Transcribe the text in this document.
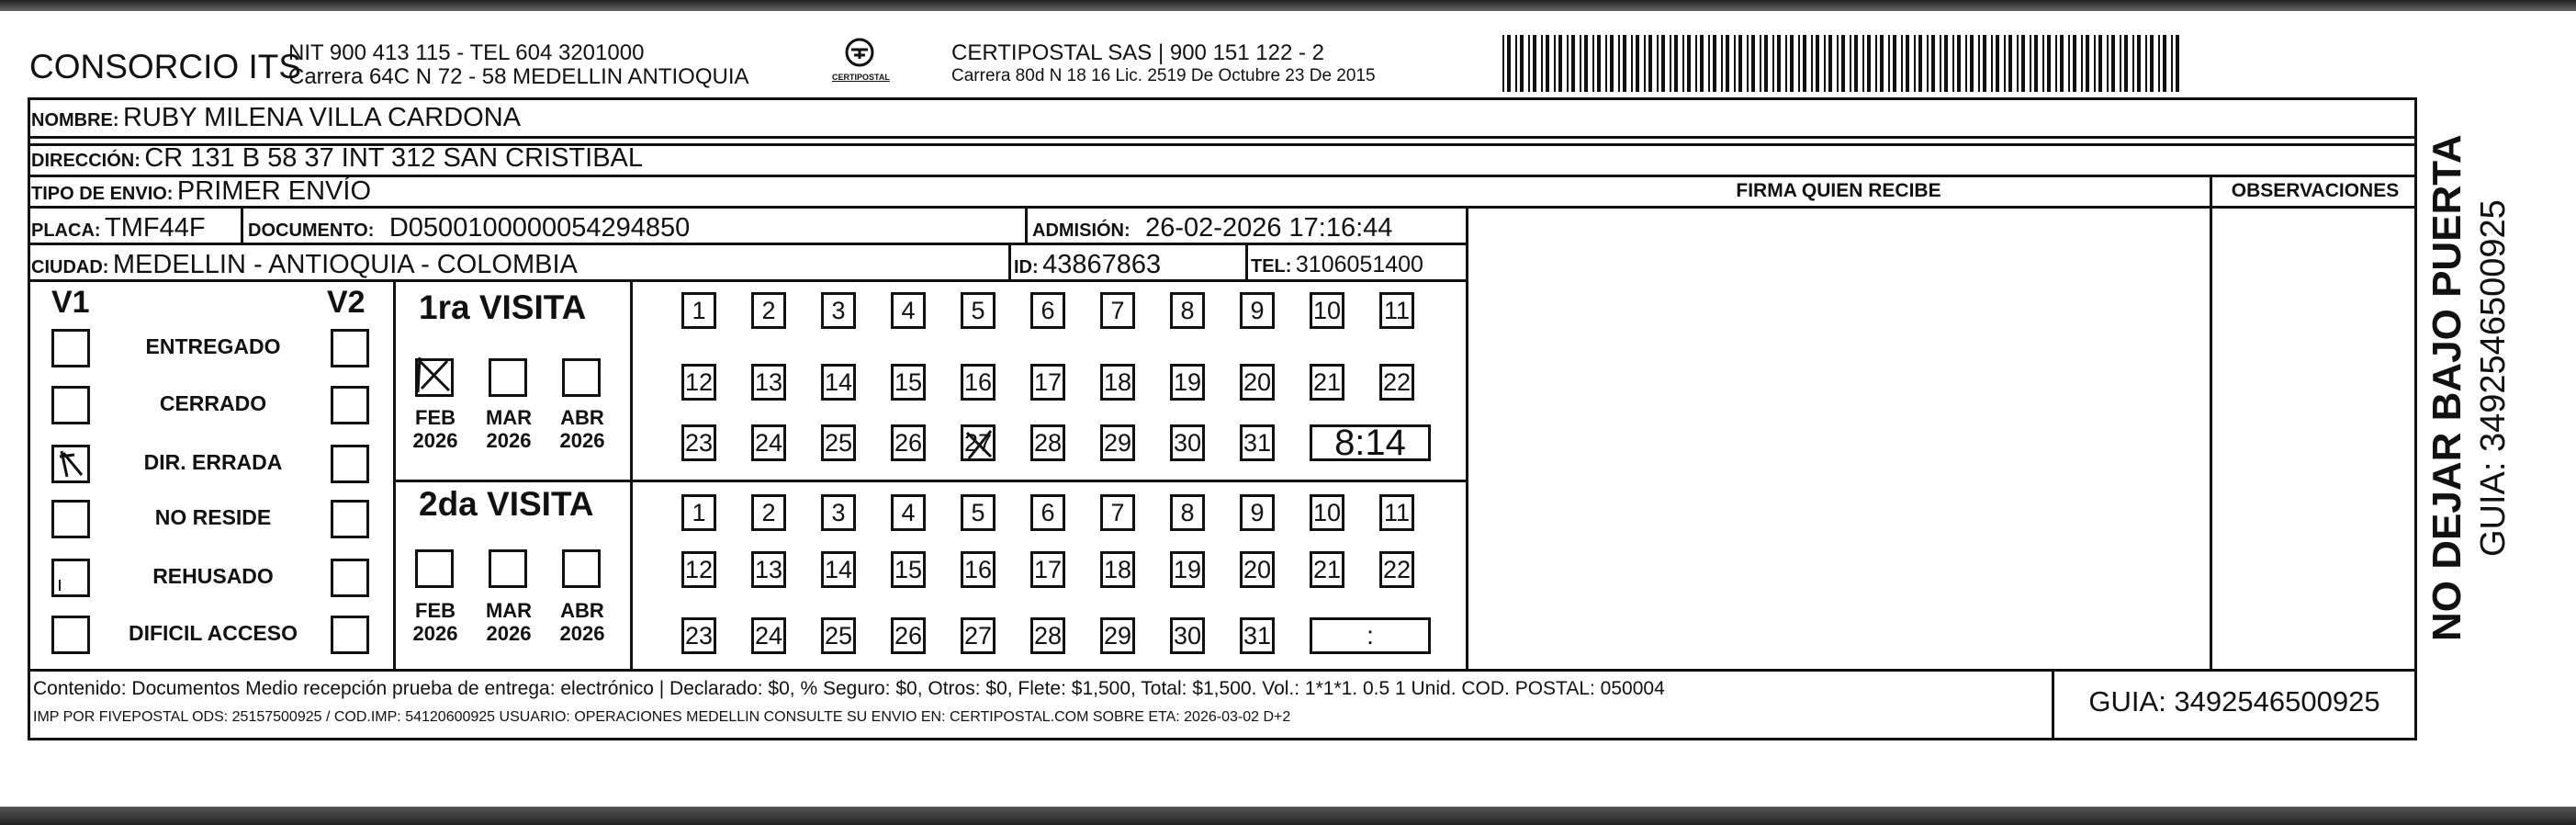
CONSORCIO ITS
NIT 900 413 115 - TEL 604 3201000
Carrera 64C N 72 - 58 MEDELLIN ANTIOQUIA	CERTIPOSTAL
CERTIPOSTAL SAS | 900 151 122 - 2
Carrera 80d N 18 16 Lic. 2519 De Octubre 23 De 2015
NOMBRE: RUBY MILENA VILLA CARDONA
DIRECCIÓN: CR 131 B 58 37 INT 312 SAN CRISTIBAL
TIPO DE ENVIO: PRIMER ENVÍO	FIRMA QUIEN RECIBE	OBSERVACIONES
PLACA: TMF44F DOCUMENTO: D0500100000054294850	ADMISIÓN: 26-02-2026 17:16:44
CIUDAD: MEDELLIN - ANTIOQUIA - COLOMBIA	ID: 43867863	TEL: 3106051400
V1	V2
ENTREGADO
CERRADO
DIR. ERRADA
NO RESIDE
REHUSADO
DIFICIL ACCESO
1ra VISITA
FEB
2026
MAR
2026
ABR
2026
1	2	3	4	5	6	7	8	9	10 11
12 13 14 15 16 17 18 19 20 21 22
23 24 25 26 27 28 29 30 31	8:14
2da VISITA
FEB
2026
MAR
2026
ABR
2026
1	2	3	4	5	6	7	8	9	10 11
12 13 14 15 16 17 18 19 20 21 22
23 24 25 26 27 28 29 30 31	:
Contenido: Documentos Medio recepción prueba de entrega: electrónico | Declarado: $0, % Seguro: $0, Otros: $0, Flete: $1,500, Total: $1,500. Vol.: 1*1*1. 0.5 1 Unid. COD. POSTAL: 050004
IMP POR FIVEPOSTAL ODS: 25157500925 / COD.IMP: 54120600925 USUARIO: OPERACIONES MEDELLIN CONSULTE SU ENVIO EN: CERTIPOSTAL.COM SOBRE ETA: 2026-03-02 D+2	GUIA: 3492546500925
NO DEJAR BAJO PUERTA GUIA: 3492546500925
